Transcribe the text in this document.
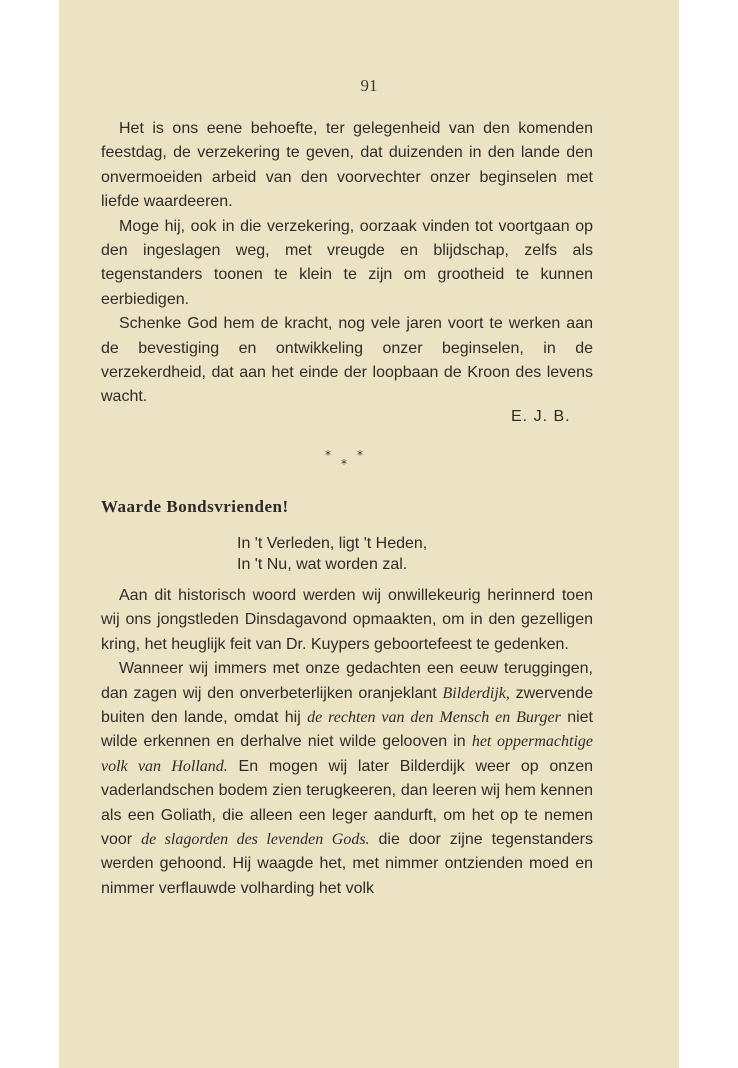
91

Het is ons eene behoefte, ter gelegenheid van den komenden feestdag, de verzekering te geven, dat duizenden in den lande den onvermoeiden arbeid van den voorvechter onzer beginselen met liefde waardeeren.

Moge hij, ook in die verzekering, oorzaak vinden tot voortgaan op den ingeslagen weg, met vreugde en blijdschap, zelfs als tegenstanders toonen te klein te zijn om grootheid te kunnen eerbiedigen.

Schenke God hem de kracht, nog vele jaren voort te werken aan de bevestiging en ontwikkeling onzer beginselen, in de verzekerdheid, dat aan het einde der loopbaan de Kroon des levens wacht.

E. J. B.
*
*
*
Waarde Bondsvrienden!
In 't Verleden, ligt 't Heden,
In 't Nu, wat worden zal.

Aan dit historisch woord werden wij onwillekeurig herinnerd toen wij ons jongstleden Dinsdagavond opmaakten, om in den gezelligen kring, het heuglijk feit van Dr. Kuypers geboortefeest te gedenken.

Wanneer wij immers met onze gedachten een eeuw teruggingen, dan zagen wij den onverbeterlijken oranjeklant Bilderdijk, zwervende buiten den lande, omdat hij de rechten van den Mensch en Burger niet wilde erkennen en derhalve niet wilde gelooven in het oppermachtige volk van Holland. En mogen wij later Bilderdijk weer op onzen vaderlandschen bodem zien terugkeeren, dan leeren wij hem kennen als een Goliath, die alleen een leger aandurft, om het op te nemen voor de slagorden des levenden Gods. die door zijne tegenstanders werden gehoond. Hij waagde het, met nimmer ontzienden moed en nimmer verflauwde volharding het volk
